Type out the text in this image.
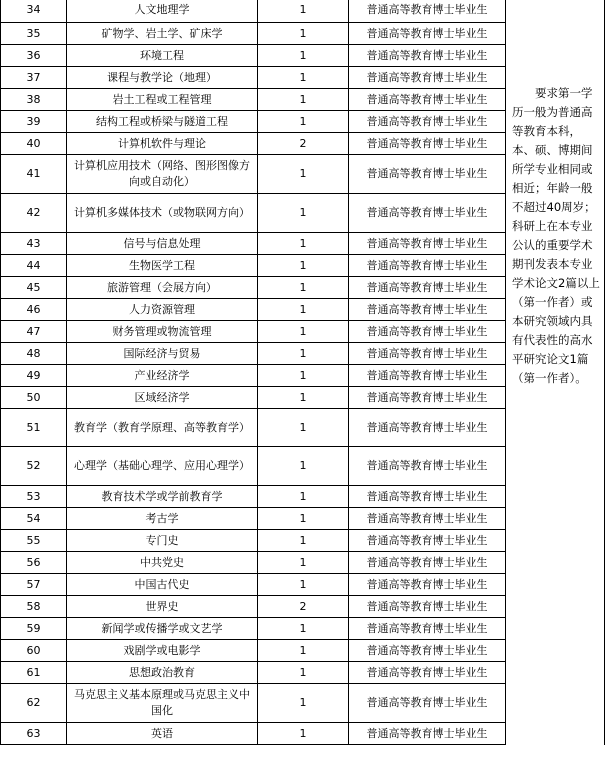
34	人文地理学	1	普通高等教育博士毕业生	要求第一学历一般为普通高等教育本科，本、硕、博期间所学专业相同或相近；年龄一般不超过40周岁；科研上在本专业公认的重要学术期刊发表本专业学术论文2篇以上（第一作者）或本研究领域内具有代表性的高水平研究论文1篇（第一作者）。

35	矿物学、岩土学、矿床学	1	普通高等教育博士毕业生	
36	环境工程	1	普通高等教育博士毕业生	
37	课程与教学论（地理）	1	普通高等教育博士毕业生	
38	岩土工程或工程管理	1	普通高等教育博士毕业生	
39	结构工程或桥梁与隧道工程	1	普通高等教育博士毕业生	
40	计算机软件与理论	2	普通高等教育博士毕业生	
41	计算机应用技术（网络、图形图像方向或自动化）	1	普通高等教育博士毕业生	
42	计算机多媒体技术（或物联网方向）	1	普通高等教育博士毕业生	
43	信号与信息处理	1	普通高等教育博士毕业生	
44	生物医学工程	1	普通高等教育博士毕业生	
45	旅游管理（会展方向）	1	普通高等教育博士毕业生	
46	人力资源管理	1	普通高等教育博士毕业生	
47	财务管理或物流管理	1	普通高等教育博士毕业生	
48	国际经济与贸易	1	普通高等教育博士毕业生	
49	产业经济学	1	普通高等教育博士毕业生	
50	区域经济学	1	普通高等教育博士毕业生	
51	教育学（教育学原理、高等教育学）	1	普通高等教育博士毕业生	
52	心理学（基础心理学、应用心理学）	1	普通高等教育博士毕业生	
53	教育技术学或学前教育学	1	普通高等教育博士毕业生	
54	考古学	1	普通高等教育博士毕业生	
55	专门史	1	普通高等教育博士毕业生	
56	中共党史	1	普通高等教育博士毕业生	
57	中国古代史	1	普通高等教育博士毕业生	
58	世界史	2	普通高等教育博士毕业生	
59	新闻学或传播学或文艺学	1	普通高等教育博士毕业生	
60	戏剧学或电影学	1	普通高等教育博士毕业生	
61	思想政治教育	1	普通高等教育博士毕业生	
62	马克思主义基本原理或马克思主义中国化	1	普通高等教育博士毕业生	
63	英语	1	普通高等教育博士毕业生	
